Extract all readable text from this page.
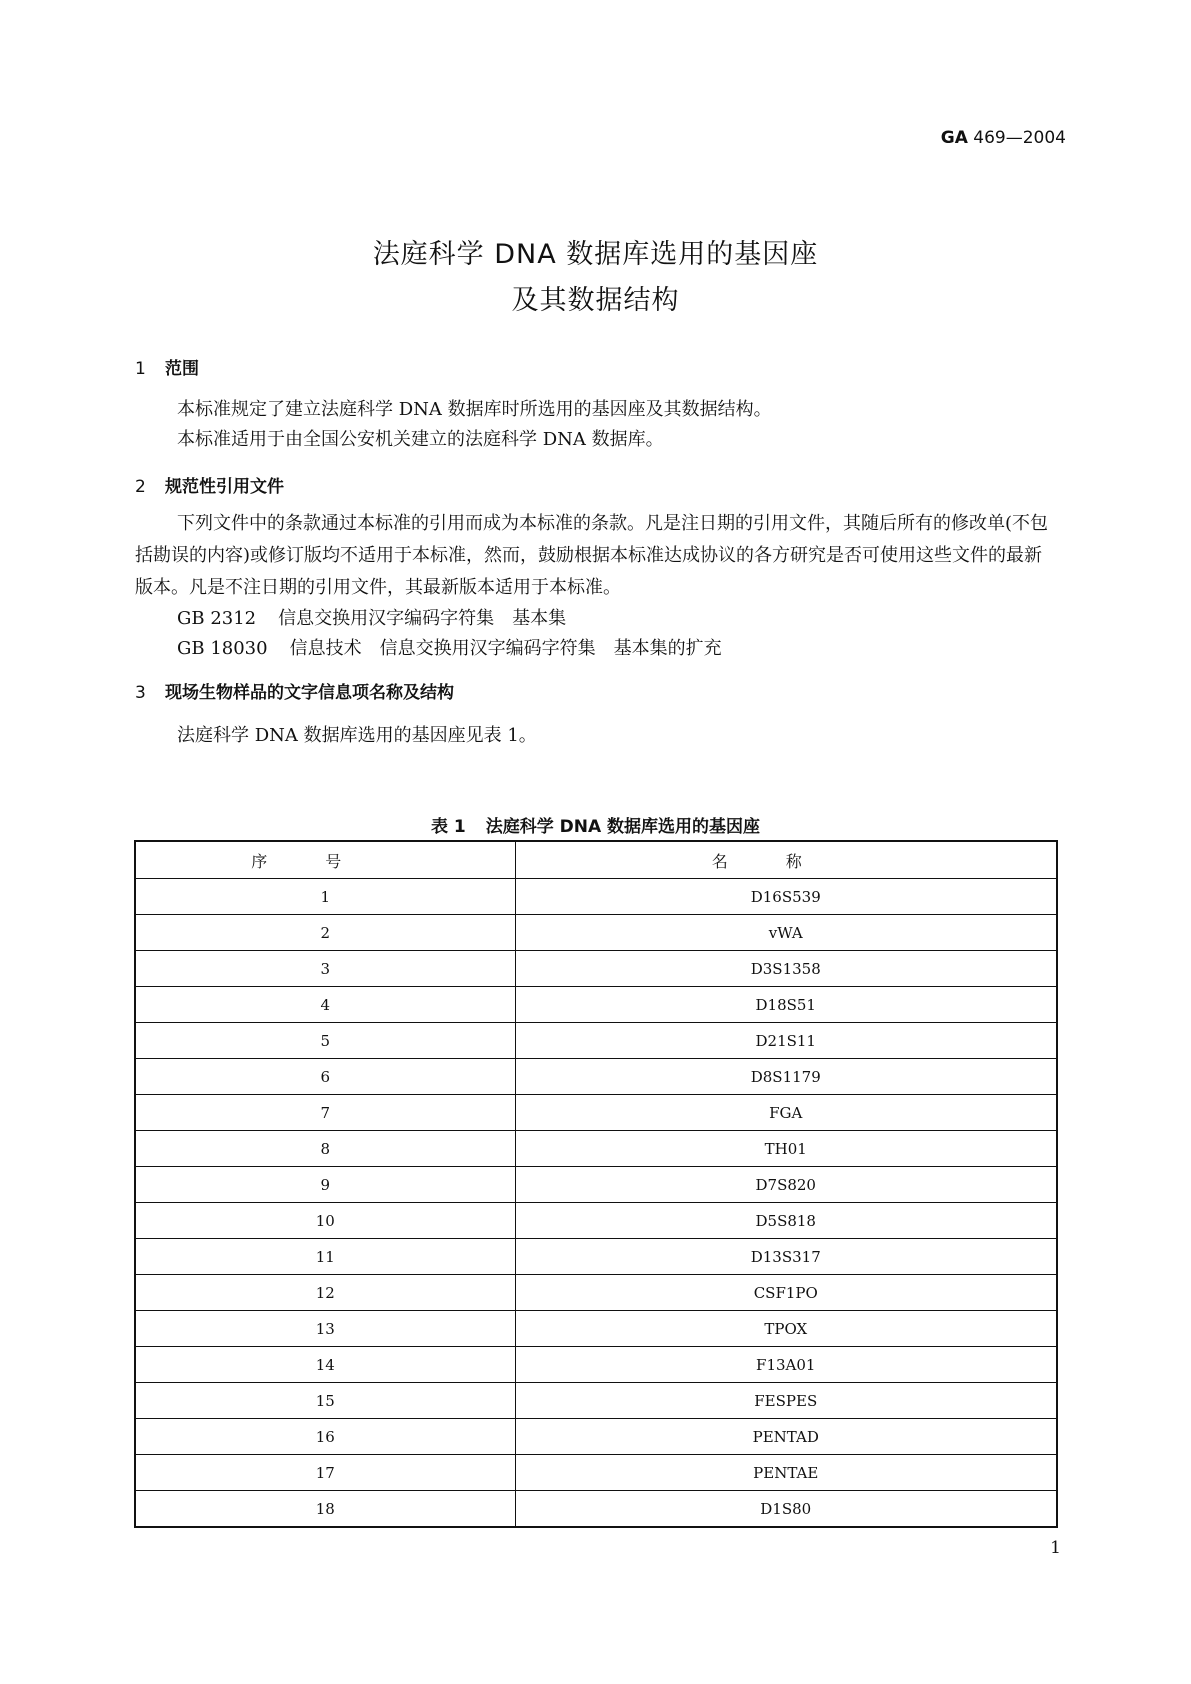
GA 469—2004
法庭科学 DNA 数据库选用的基因座
及其数据结构
1 范围
本标准规定了建立法庭科学 DNA 数据库时所选用的基因座及其数据结构。
本标准适用于由全国公安机关建立的法庭科学 DNA 数据库。
2 规范性引用文件
下列文件中的条款通过本标准的引用而成为本标准的条款。凡是注日期的引用文件，其随后所有的修改单(不包括勘误的内容)或修订版均不适用于本标准，然而，鼓励根据本标准达成协议的各方研究是否可使用这些文件的最新版本。凡是不注日期的引用文件，其最新版本适用于本标准。
GB 2312 信息交换用汉字编码字符集　基本集
GB 18030 信息技术　信息交换用汉字编码字符集　基本集的扩充
3 现场生物样品的文字信息项名称及结构
法庭科学 DNA 数据库选用的基因座见表 1。
表 1 法庭科学 DNA 数据库选用的基因座
序号	名称
1	D16S539
2	vWA
3	D3S1358
4	D18S51
5	D21S11
6	D8S1179
7	FGA
8	TH01
9	D7S820
10	D5S818
11	D13S317
12	CSF1PO
13	TPOX
14	F13A01
15	FESPES
16	PENTAD
17	PENTAE
18	D1S80
1
